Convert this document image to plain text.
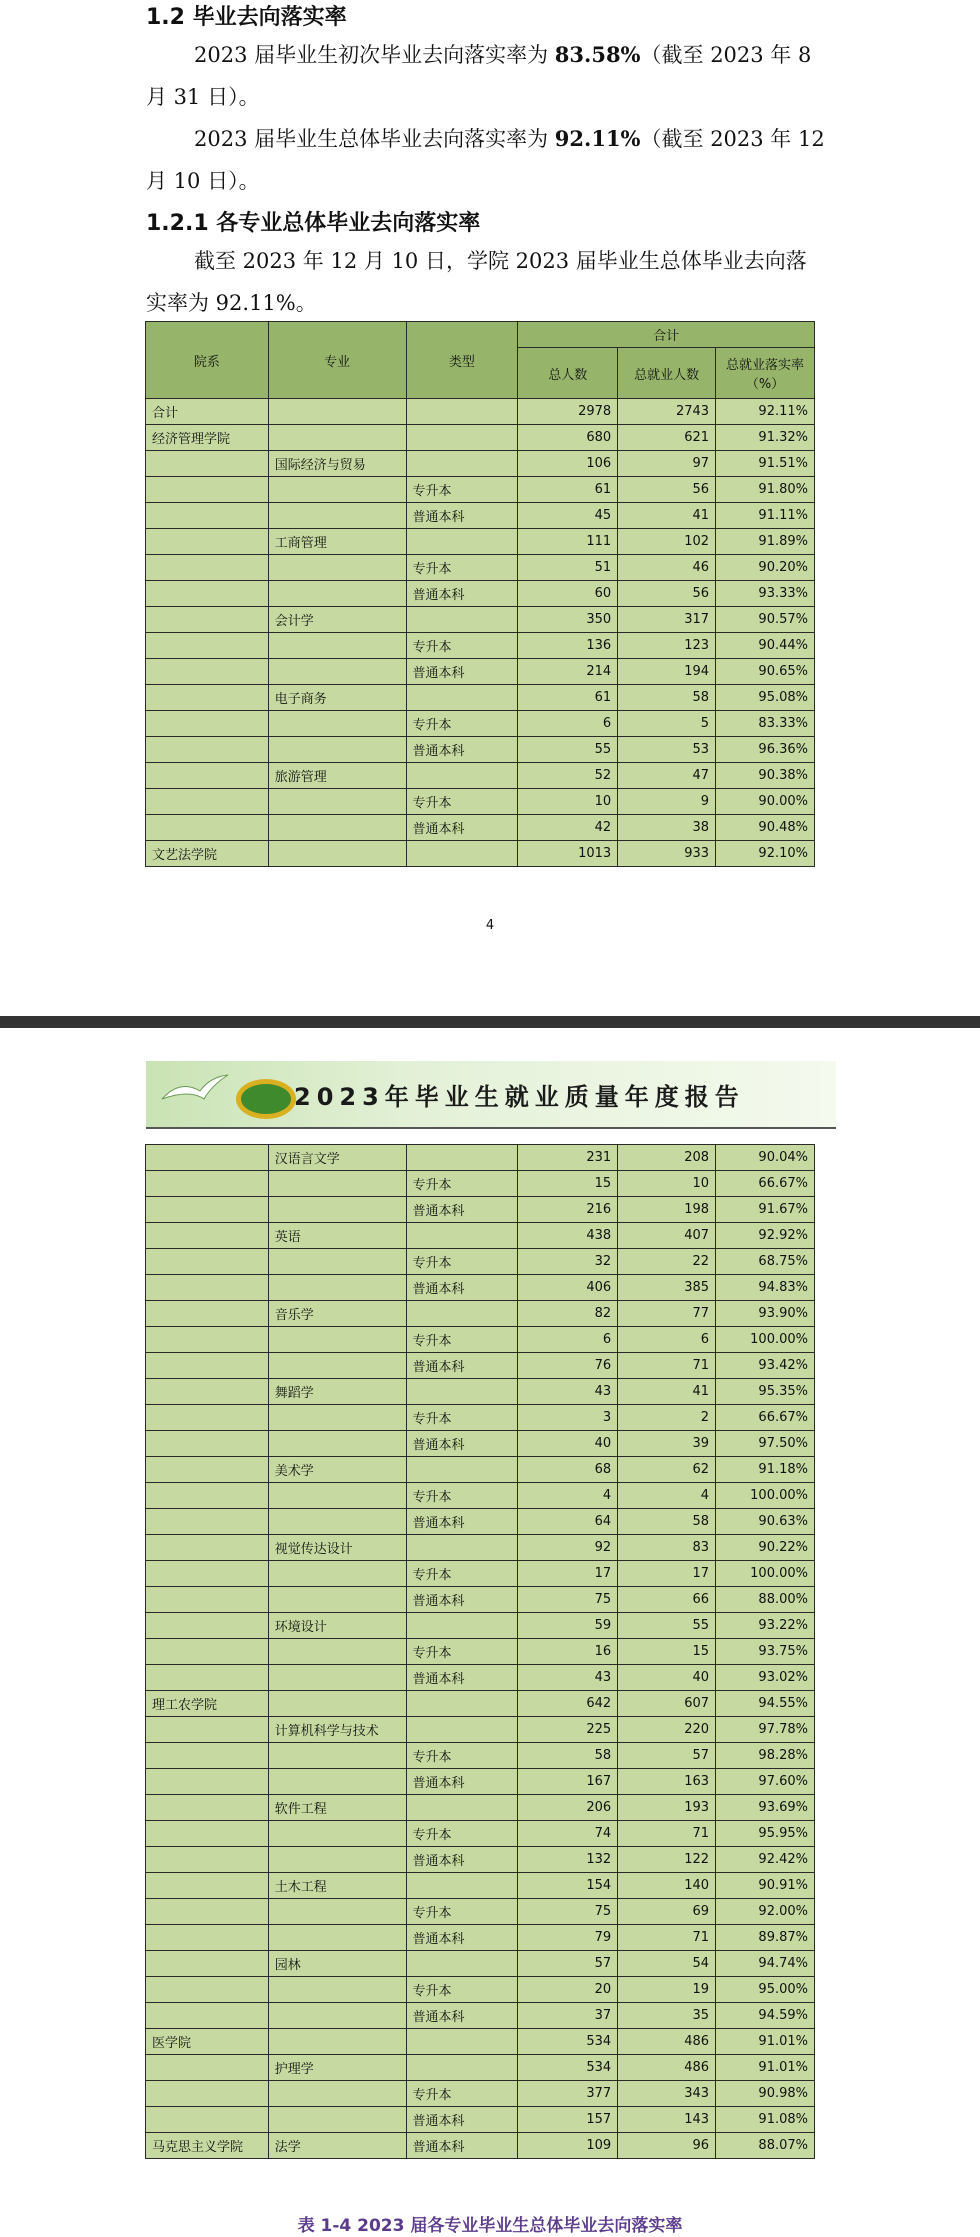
1.2 毕业去向落实率
2023 届毕业生初次毕业去向落实率为 83.58%（截至 2023 年 8 月 31 日）。
2023 届毕业生总体毕业去向落实率为 92.11%（截至 2023 年 12 月 10 日）。
1.2.1 各专业总体毕业去向落实率
截至 2023 年 12 月 10 日，学院 2023 届毕业生总体毕业去向落实率为 92.11%。
院系	专业	类型	合计		
			总人数	总就业人数	总就业落实率（%）
合计			2978	2743	92.11%
经济管理学院			680	621	91.32%
	国际经济与贸易		106	97	91.51%
		专升本	61	56	91.80%
		普通本科	45	41	91.11%
	工商管理		111	102	91.89%
		专升本	51	46	90.20%
		普通本科	60	56	93.33%
	会计学		350	317	90.57%
		专升本	136	123	90.44%
		普通本科	214	194	90.65%
	电子商务		61	58	95.08%
		专升本	6	5	83.33%
		普通本科	55	53	96.36%
	旅游管理		52	47	90.38%
		专升本	10	9	90.00%
		普通本科	42	38	90.48%
文艺法学院			1013	933	92.10%
4
2023年毕业生就业质量年度报告
	汉语言文学		231	208	90.04%
		专升本	15	10	66.67%
		普通本科	216	198	91.67%
	英语		438	407	92.92%
		专升本	32	22	68.75%
		普通本科	406	385	94.83%
	音乐学		82	77	93.90%
		专升本	6	6	100.00%
		普通本科	76	71	93.42%
	舞蹈学		43	41	95.35%
		专升本	3	2	66.67%
		普通本科	40	39	97.50%
	美术学		68	62	91.18%
		专升本	4	4	100.00%
		普通本科	64	58	90.63%
	视觉传达设计		92	83	90.22%
		专升本	17	17	100.00%
		普通本科	75	66	88.00%
	环境设计		59	55	93.22%
		专升本	16	15	93.75%
		普通本科	43	40	93.02%
理工农学院			642	607	94.55%
	计算机科学与技术		225	220	97.78%
		专升本	58	57	98.28%
		普通本科	167	163	97.60%
	软件工程		206	193	93.69%
		专升本	74	71	95.95%
		普通本科	132	122	92.42%
	土木工程		154	140	90.91%
		专升本	75	69	92.00%
		普通本科	79	71	89.87%
	园林		57	54	94.74%
		专升本	20	19	95.00%
		普通本科	37	35	94.59%
医学院			534	486	91.01%
	护理学		534	486	91.01%
		专升本	377	343	90.98%
		普通本科	157	143	91.08%
马克思主义学院	法学	普通本科	109	96	88.07%
表 1-4 2023 届各专业毕业生总体毕业去向落实率
